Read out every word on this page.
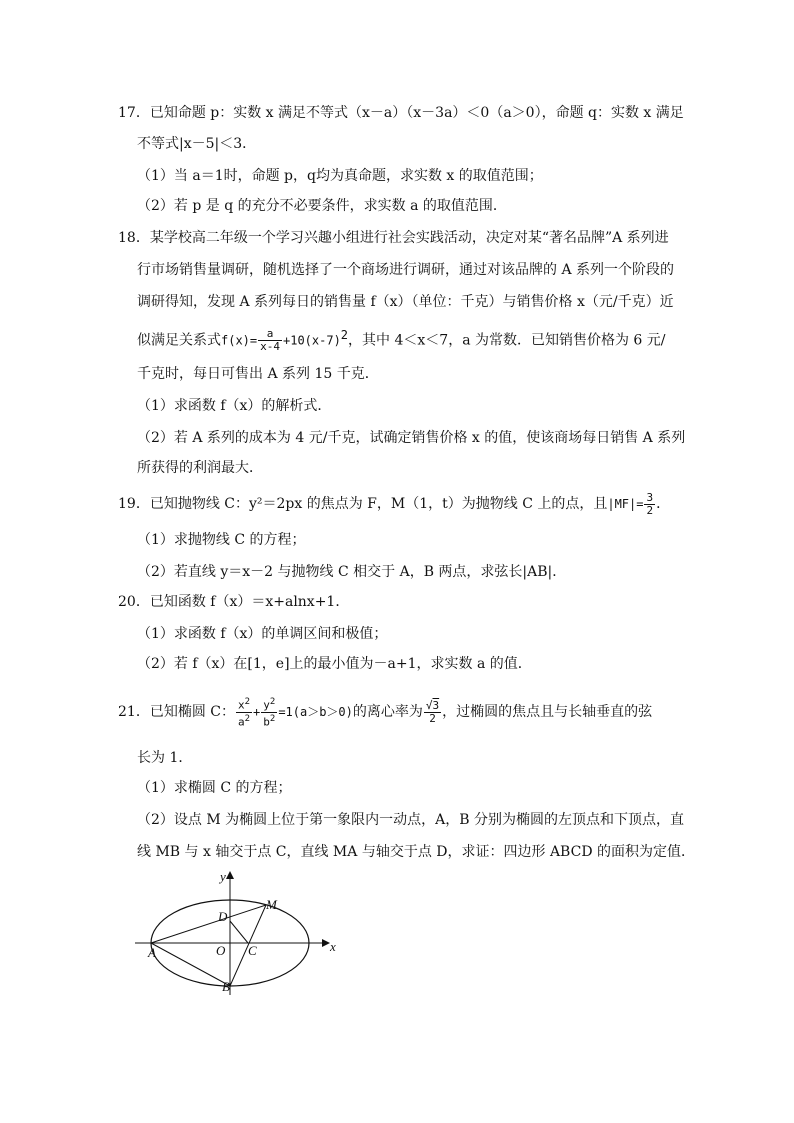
17．已知命题 p：实数 x 满足不等式（x－a）（x－3a）＜0（a＞0），命题 q：实数 x 满足
不等式|x－5|＜3．
（1）当 a＝1时，命题 p，q均为真命题，求实数 x 的取值范围；
（2）若 p 是 q 的充分不必要条件，求实数 a 的取值范围．
18．某学校高二年级一个学习兴趣小组进行社会实践活动，决定对某“著名品牌”A 系列进
行市场销售量调研，随机选择了一个商场进行调研，通过对该品牌的 A 系列一个阶段的
调研得知，发现 A 系列每日的销售量 f（x）（单位：千克）与销售价格 x（元/千克）近
似满足关系式$f(x)= \frac{a}{x-4} +10(x-7)^2$，其中 4＜x＜7，a 为常数．已知销售价格为 6 元/
千克时，每日可售出 A 系列 15 千克．
（1）求函数 f（x）的解析式．
（2）若 A 系列的成本为 4 元/千克，试确定销售价格 x 的值，使该商场每日销售 A 系列
所获得的利润最大．
19．已知抛物线 C：y²＝2px 的焦点为 F，M（1，t）为抛物线 C 上的点，且$|MF|= \frac{3}{2}$ ．
（1）求抛物线 C 的方程；
（2）若直线 y＝x－2 与抛物线 C 相交于 A，B 两点，求弦长|AB|．
20．已知函数 f（x）＝x+alnx+1．
（1）求函数 f（x）的单调区间和极值；
（2）若 f（x）在[1，e]上的最小值为－a+1，求实数 a 的值．
21．已知椭圆 C： $\frac{x^2}{a^2} + \frac{y^2}{b^2} =1(a>b>0)$的离心率为 $\frac{√3}{2}$ ，过椭圆的焦点且与长轴垂直的弦
长为 1．
（1）求椭圆 C 的方程；
（2）设点 M 为椭圆上位于第一象限内一动点，A，B 分别为椭圆的左顶点和下顶点，直
线 MB 与 x 轴交于点 C，直线 MA 与轴交于点 D，求证：四边形 ABCD 的面积为定值．
y
x
M
D
A	O C
B
